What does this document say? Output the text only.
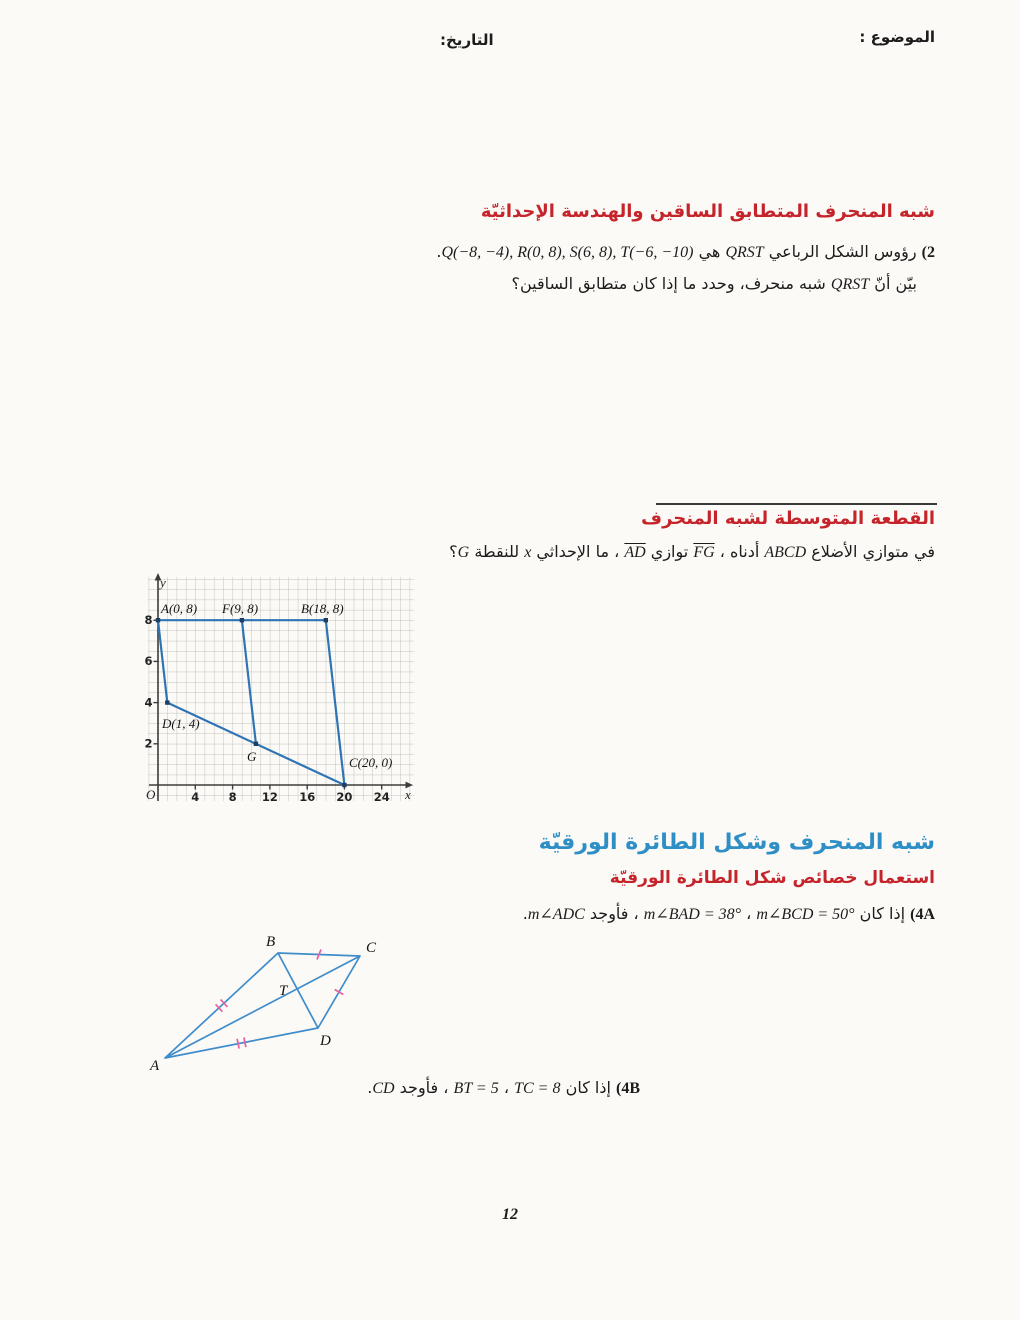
الموضوع :
التاريخ:
شبه المنحرف المتطابق الساقين والهندسة الإحداثيّة
(2 رؤوس الشكل الرباعي QRST هي Q(−8, −4), R(0, 8), S(6, 8), T(−6, −10).
بيّن أنّ QRST شبه منحرف، وحدد ما إذا كان متطابق الساقين؟
القطعة المتوسطة لشبه المنحرف
في متوازي الأضلاع ABCD أدناه ، $\overline{FG}$ توازي $\overline{AD}$ ، ما الإحداثي x للنقطة G؟
y
x
O
8
6
4
2
4	8 12 16 20 24
A(0, 8) F(9, 8)	B(18, 8)
D(1, 4)
C(20, 0)
G
شبه المنحرف وشكل الطائرة الورقيّة
استعمال خصائص شكل الطائرة الورقيّة
(4A إذا كان m∠BCD = 50° ، m∠BAD = 38° ، فأوجد m∠ADC.
A
B	C
D
T
(4B إذا كان TC = 8 ، BT = 5 ، فأوجد CD.
12
